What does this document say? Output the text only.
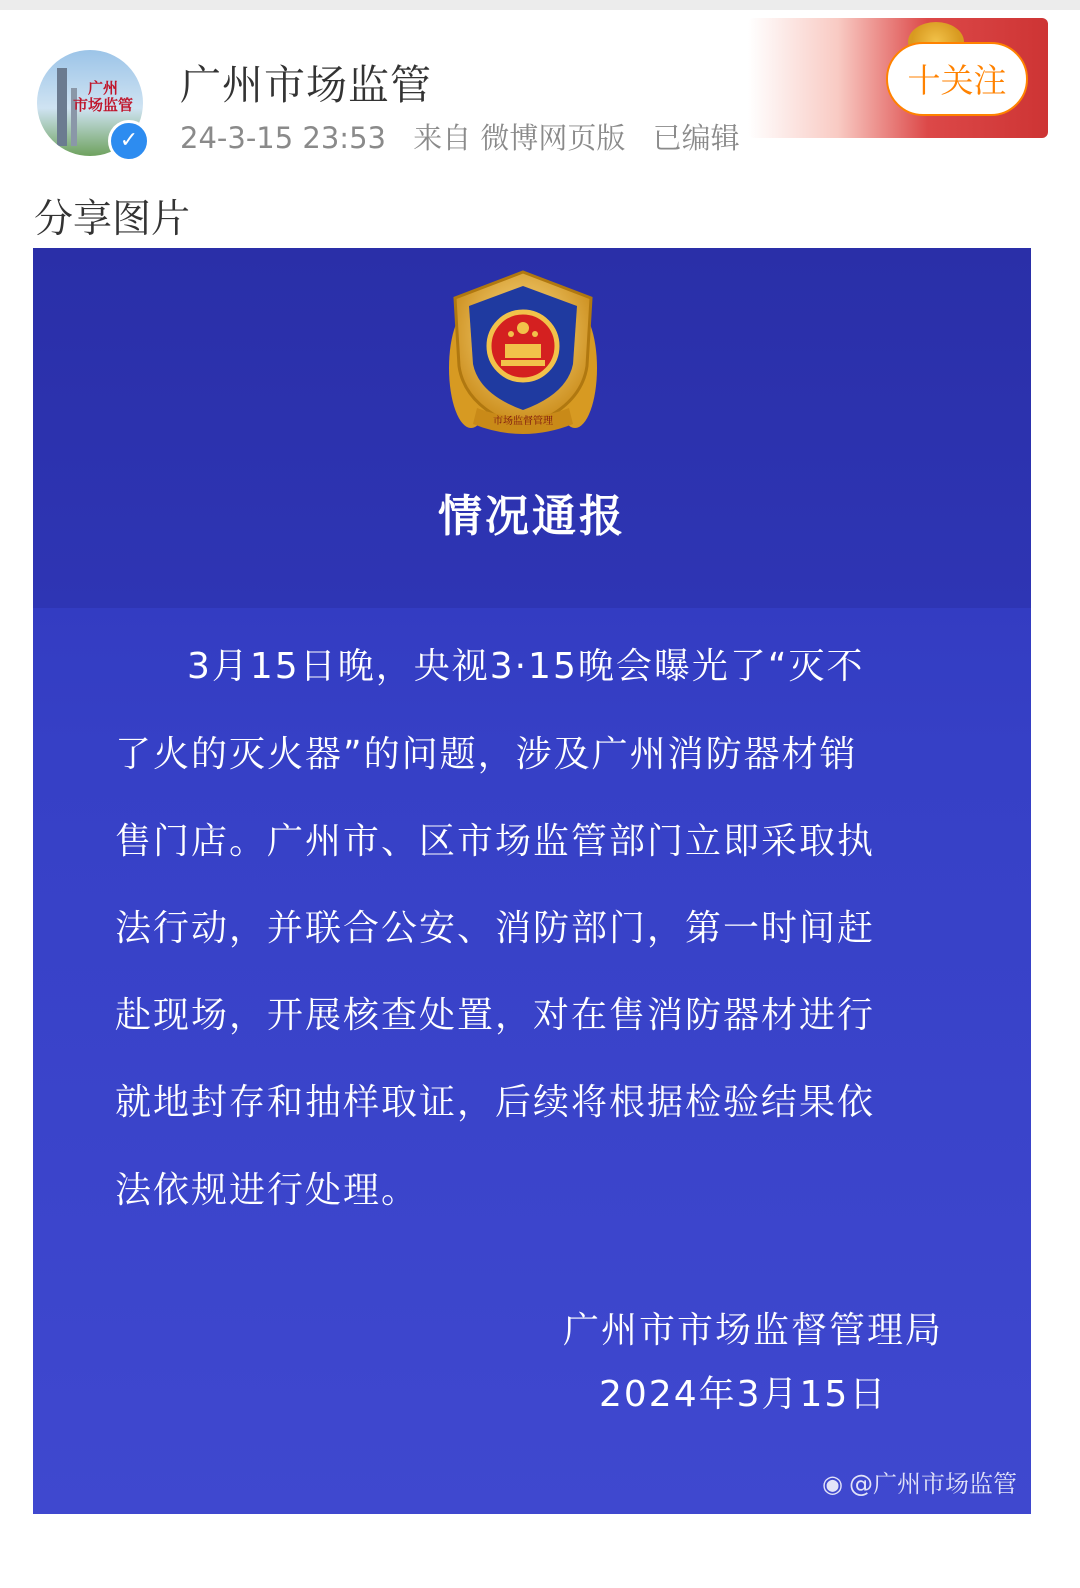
广州
市场监管
✓
广州市场监管
24-3-15 23:53 来自 微博网页版 已编辑
十关注
分享图片
市场监督管理
情况通报
3月15日晚，央视3·15晚会曝光了“灭不
了火的灭火器”的问题，涉及广州消防器材销
售门店。广州市、区市场监管部门立即采取执
法行动，并联合公安、消防部门，第一时间赶
赴现场，开展核查处置，对在售消防器材进行
就地封存和抽样取证，后续将根据检验结果依
法依规进行处理。
广州市市场监督管理局
2024年3月15日
◉ @广州市场监管
